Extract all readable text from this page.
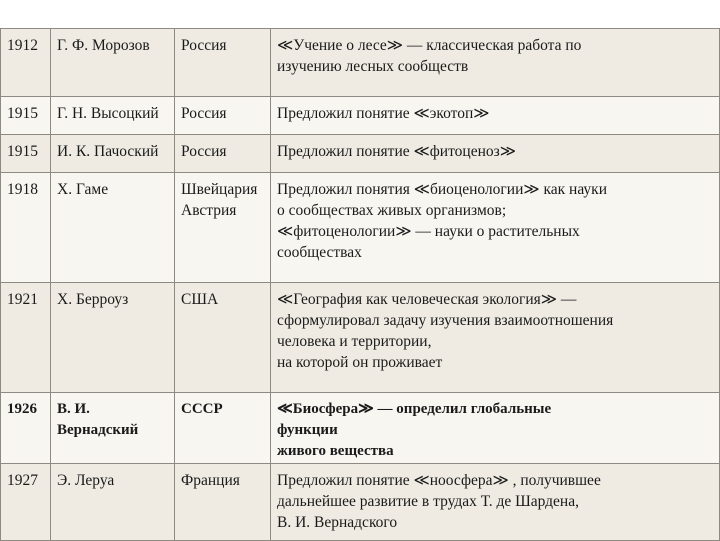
1912	Г. Ф. Морозов	Россия	≪Учение о лесе≫ — классическая работа по
изучению лесных сообществ
1915	Г. Н. Высоцкий	Россия	Предложил понятие ≪экотоп≫
1915	И. К. Пачоский	Россия	Предложил понятие ≪фитоценоз≫
1918	Х. Гаме	Швейцария
Австрия	Предложил понятия ≪биоценологии≫ как науки
о сообществах живых организмов;
≪фитоценологии≫ — науки о растительных
сообществах
1921	Х. Берроуз	США	≪География как человеческая экология≫ —
сформулировал задачу изучения взаимоотношения
человека и территории,
на которой он проживает
1926	В. И.
Вернадский	СССР	≪Биосфера≫ — определил глобальные
функции
живого вещества
1927	Э. Леруа	Франция	Предложил понятие ≪ноосфера≫ , получившее
дальнейшее развитие в трудах Т. де Шардена,
В. И. Вернадского
